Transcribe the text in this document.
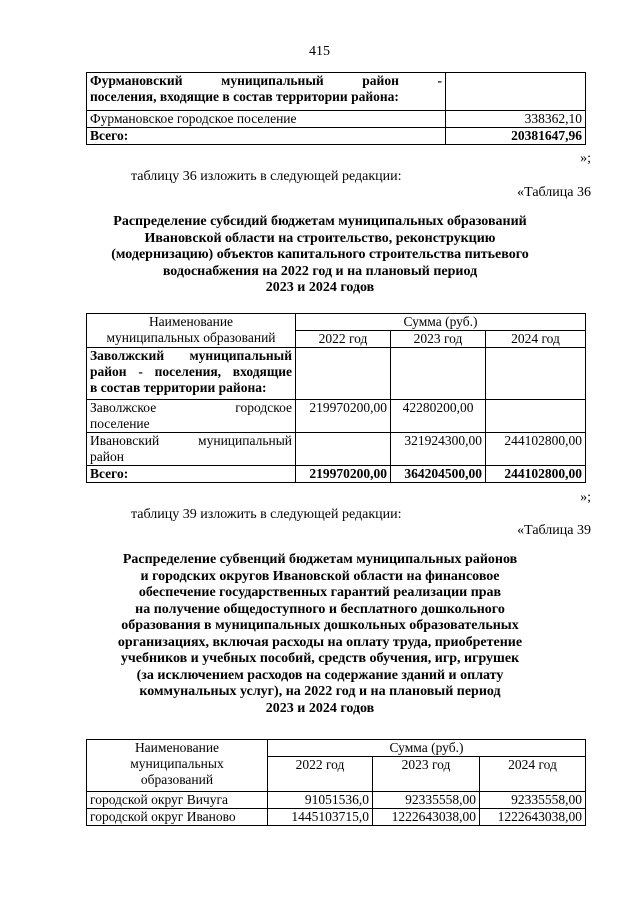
415
Фурмановский муниципальный район -
поселения, входящие в состав территории района:	

Фурмановское городское поселение	338362,10
Всего:	20381647,96
»;
таблицу 36 изложить в следующей редакции:
«Таблица 36
Распределение субсидий бюджетам муниципальных образований
Ивановской области на строительство, реконструкцию
(модернизацию) объектов капитального строительства питьевого
водоснабжения на 2022 год и на плановый период
2023 и 2024 годов
Наименование
муниципальных образований	Сумма (руб.)		
	2022 год	2023 год	2024 год

Заволжский муниципальный
район - поселения, входящие
в состав территории района:			

Заволжское городское
поселение	219970200,00	42280200,00	

Ивановский муниципальный
район		321924300,00	244102800,00
Всего:	219970200,00	364204500,00	244102800,00
»;
таблицу 39 изложить в следующей редакции:
«Таблица 39
Распределение субвенций бюджетам муниципальных районов
и городских округов Ивановской области на финансовое
обеспечение государственных гарантий реализации прав
на получение общедоступного и бесплатного дошкольного
образования в муниципальных дошкольных образовательных
организациях, включая расходы на оплату труда, приобретение
учебников и учебных пособий, средств обучения, игр, игрушек
(за исключением расходов на содержание зданий и оплату
коммунальных услуг), на 2022 год и на плановый период
2023 и 2024 годов
Наименование
муниципальных
образований	Сумма (руб.)		
	2022 год	2023 год	2024 год
городской округ Вичуга	91051536,0	92335558,00	92335558,00
городской округ Иваново	1445103715,0	1222643038,00	1222643038,00
